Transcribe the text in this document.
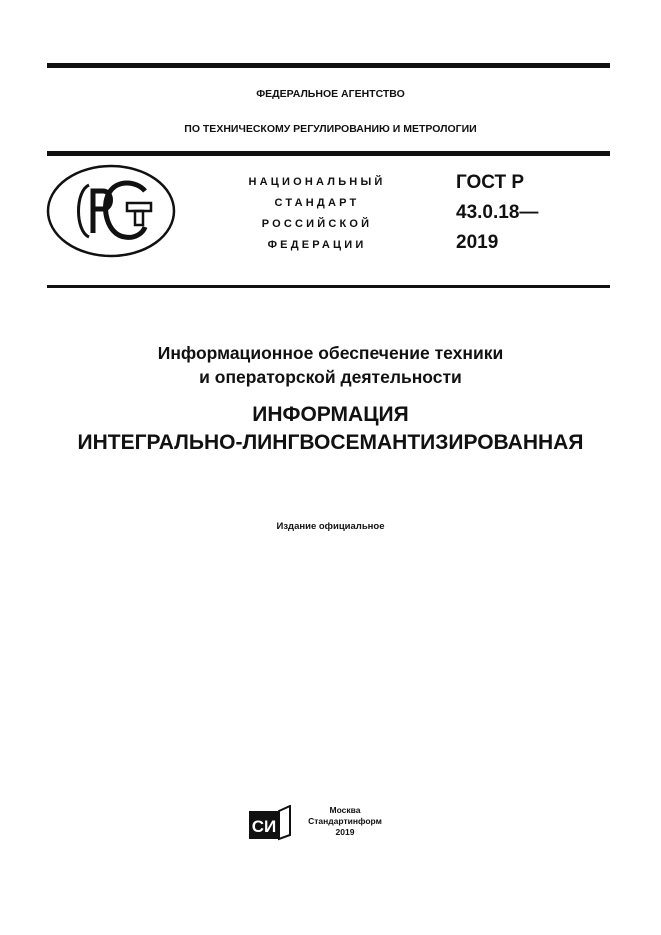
ФЕДЕРАЛЬНОЕ АГЕНТСТВО
ПО ТЕХНИЧЕСКОМУ РЕГУЛИРОВАНИЮ И МЕТРОЛОГИИ
НАЦИОНАЛЬНЫЙ
СТАНДАРТ
РОССИЙСКОЙ
ФЕДЕРАЦИИ
ГОСТ Р
43.0.18—
2019
Информационное обеспечение техники
и операторской деятельности
ИНФОРМАЦИЯ
ИНТЕГРАЛЬНО-ЛИНГВОСЕМАНТИЗИРОВАННАЯ
Издание официальное
СИ
Москва
Стандартинформ
2019
